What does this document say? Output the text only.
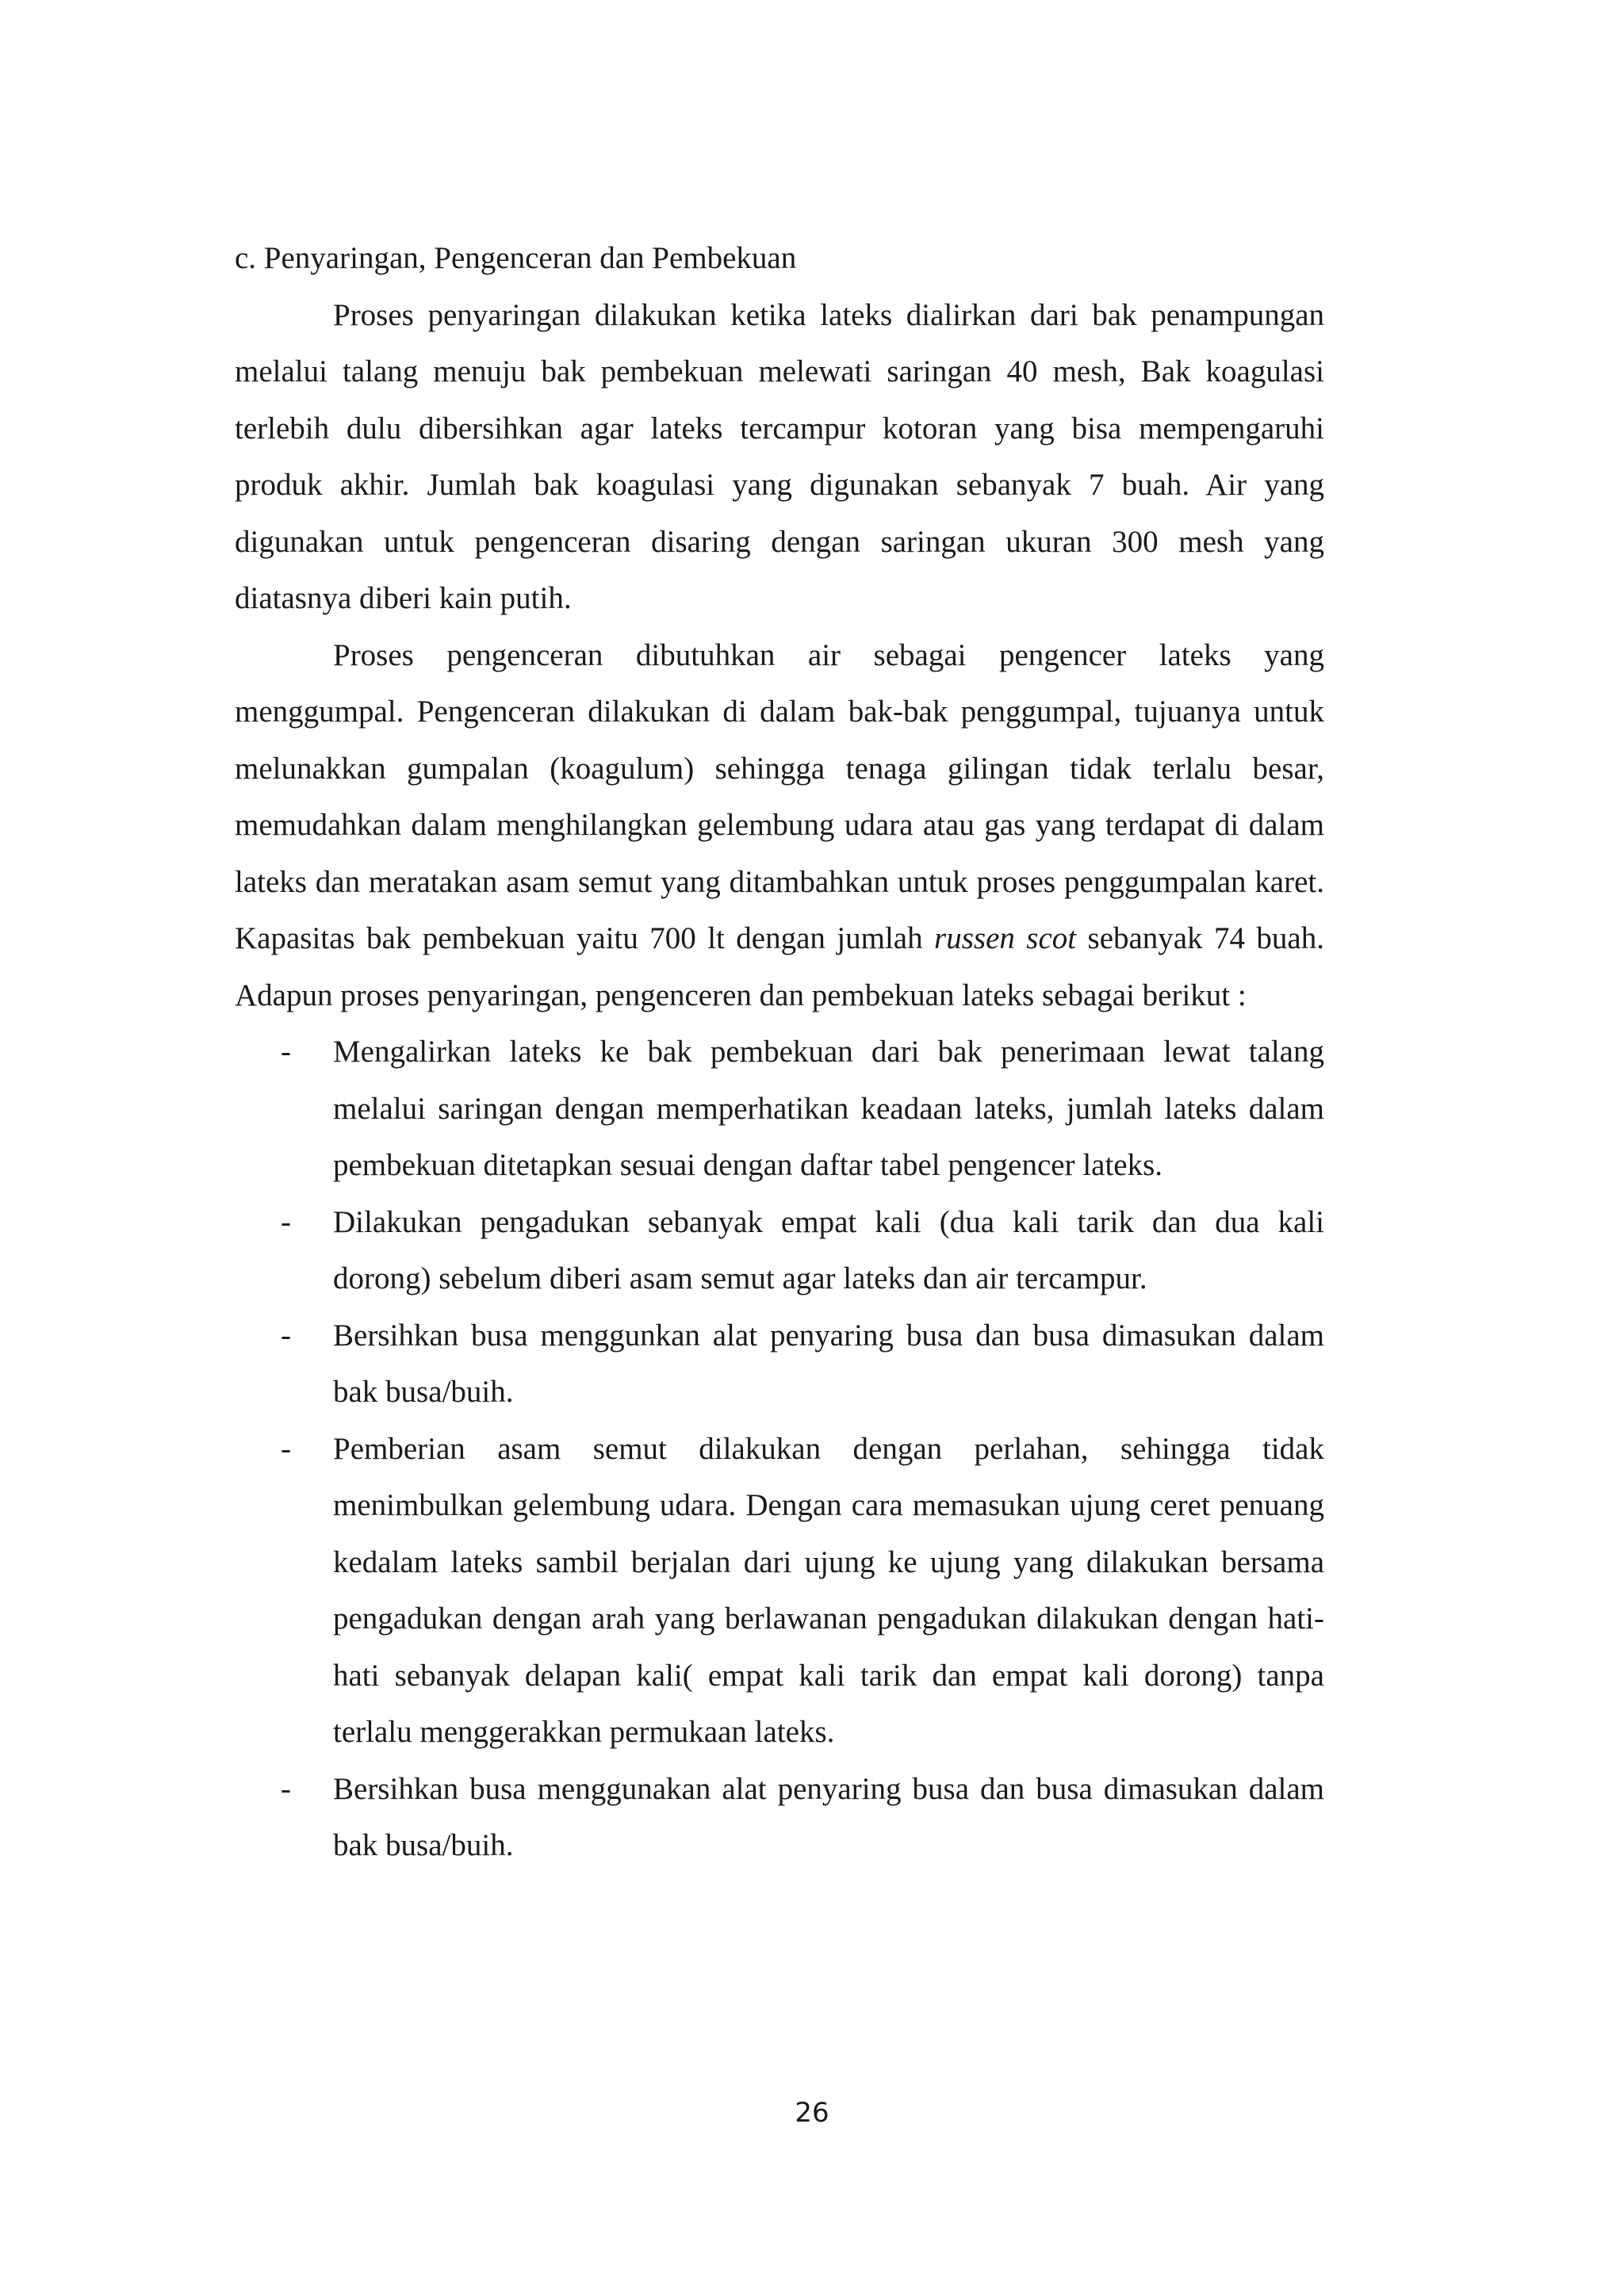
c. Penyaringan, Pengenceran dan Pembekuan

Proses penyaringan dilakukan ketika lateks dialirkan dari bak penampungan melalui talang menuju bak pembekuan melewati saringan 40 mesh, Bak koagulasi terlebih dulu dibersihkan agar lateks tercampur kotoran yang bisa mempengaruhi produk akhir. Jumlah bak koagulasi yang digunakan sebanyak 7 buah. Air yang digunakan untuk pengenceran disaring dengan saringan ukuran 300 mesh yang diatasnya diberi kain putih.

Proses pengenceran dibutuhkan air sebagai pengencer lateks yang menggumpal. Pengenceran dilakukan di dalam bak-bak penggumpal, tujuanya untuk melunakkan gumpalan (koagulum) sehingga tenaga gilingan tidak terlalu besar, memudahkan dalam menghilangkan gelembung udara atau gas yang terdapat di dalam lateks dan meratakan asam semut yang ditambahkan untuk proses penggumpalan karet. Kapasitas bak pembekuan yaitu 700 lt dengan jumlah russen scot sebanyak 74 buah. Adapun proses penyaringan, pengenceren dan pembekuan lateks sebagai berikut :

- Mengalirkan lateks ke bak pembekuan dari bak penerimaan lewat talang melalui saringan dengan memperhatikan keadaan lateks, jumlah lateks dalam pembekuan ditetapkan sesuai dengan daftar tabel pengencer lateks.
- Dilakukan pengadukan sebanyak empat kali (dua kali tarik dan dua kali dorong) sebelum diberi asam semut agar lateks dan air tercampur.
- Bersihkan busa menggunkan alat penyaring busa dan busa dimasukan dalam bak busa/buih.
- Pemberian asam semut dilakukan dengan perlahan, sehingga tidak menimbulkan gelembung udara. Dengan cara memasukan ujung ceret penuang kedalam lateks sambil berjalan dari ujung ke ujung yang dilakukan bersama pengadukan dengan arah yang berlawanan pengadukan dilakukan dengan hati- hati sebanyak delapan kali( empat kali tarik dan empat kali dorong) tanpa terlalu menggerakkan permukaan lateks.
- Bersihkan busa menggunakan alat penyaring busa dan busa dimasukan dalam bak busa/buih.
26
